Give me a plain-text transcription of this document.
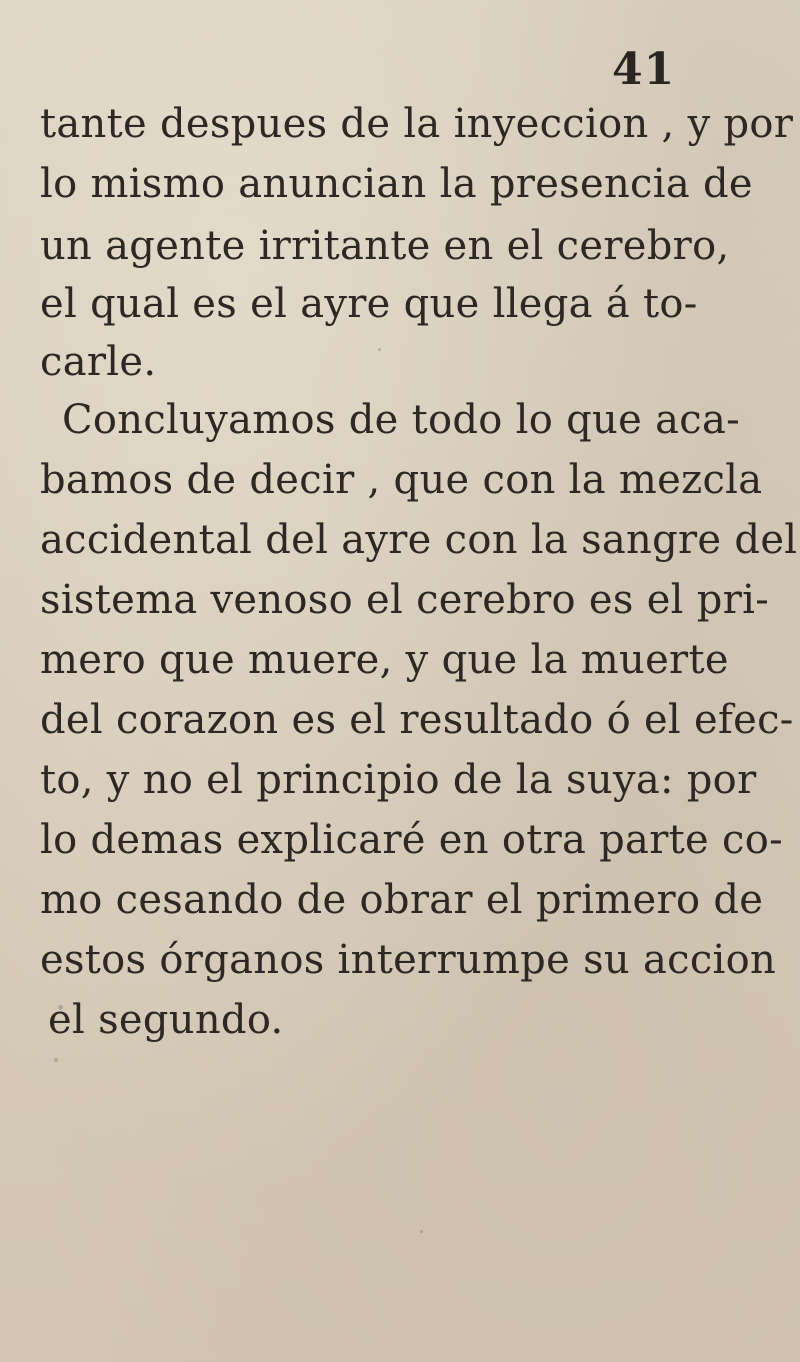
41
tante despues de la inyeccion , y por
lo mismo anuncian la presencia de
un agente irritante en el cerebro,
el qual es el ayre que llega á to-
carle.
Concluyamos de todo lo que aca-
bamos de decir , que con la mezcla
accidental del ayre con la sangre del
sistema venoso el cerebro es el pri-
mero que muere, y que la muerte
del corazon es el resultado ó el efec-
to, y no el principio de la suya: por
lo demas explicaré en otra parte co-
mo cesando de obrar el primero de
estos órganos interrumpe su accion
el segundo.
